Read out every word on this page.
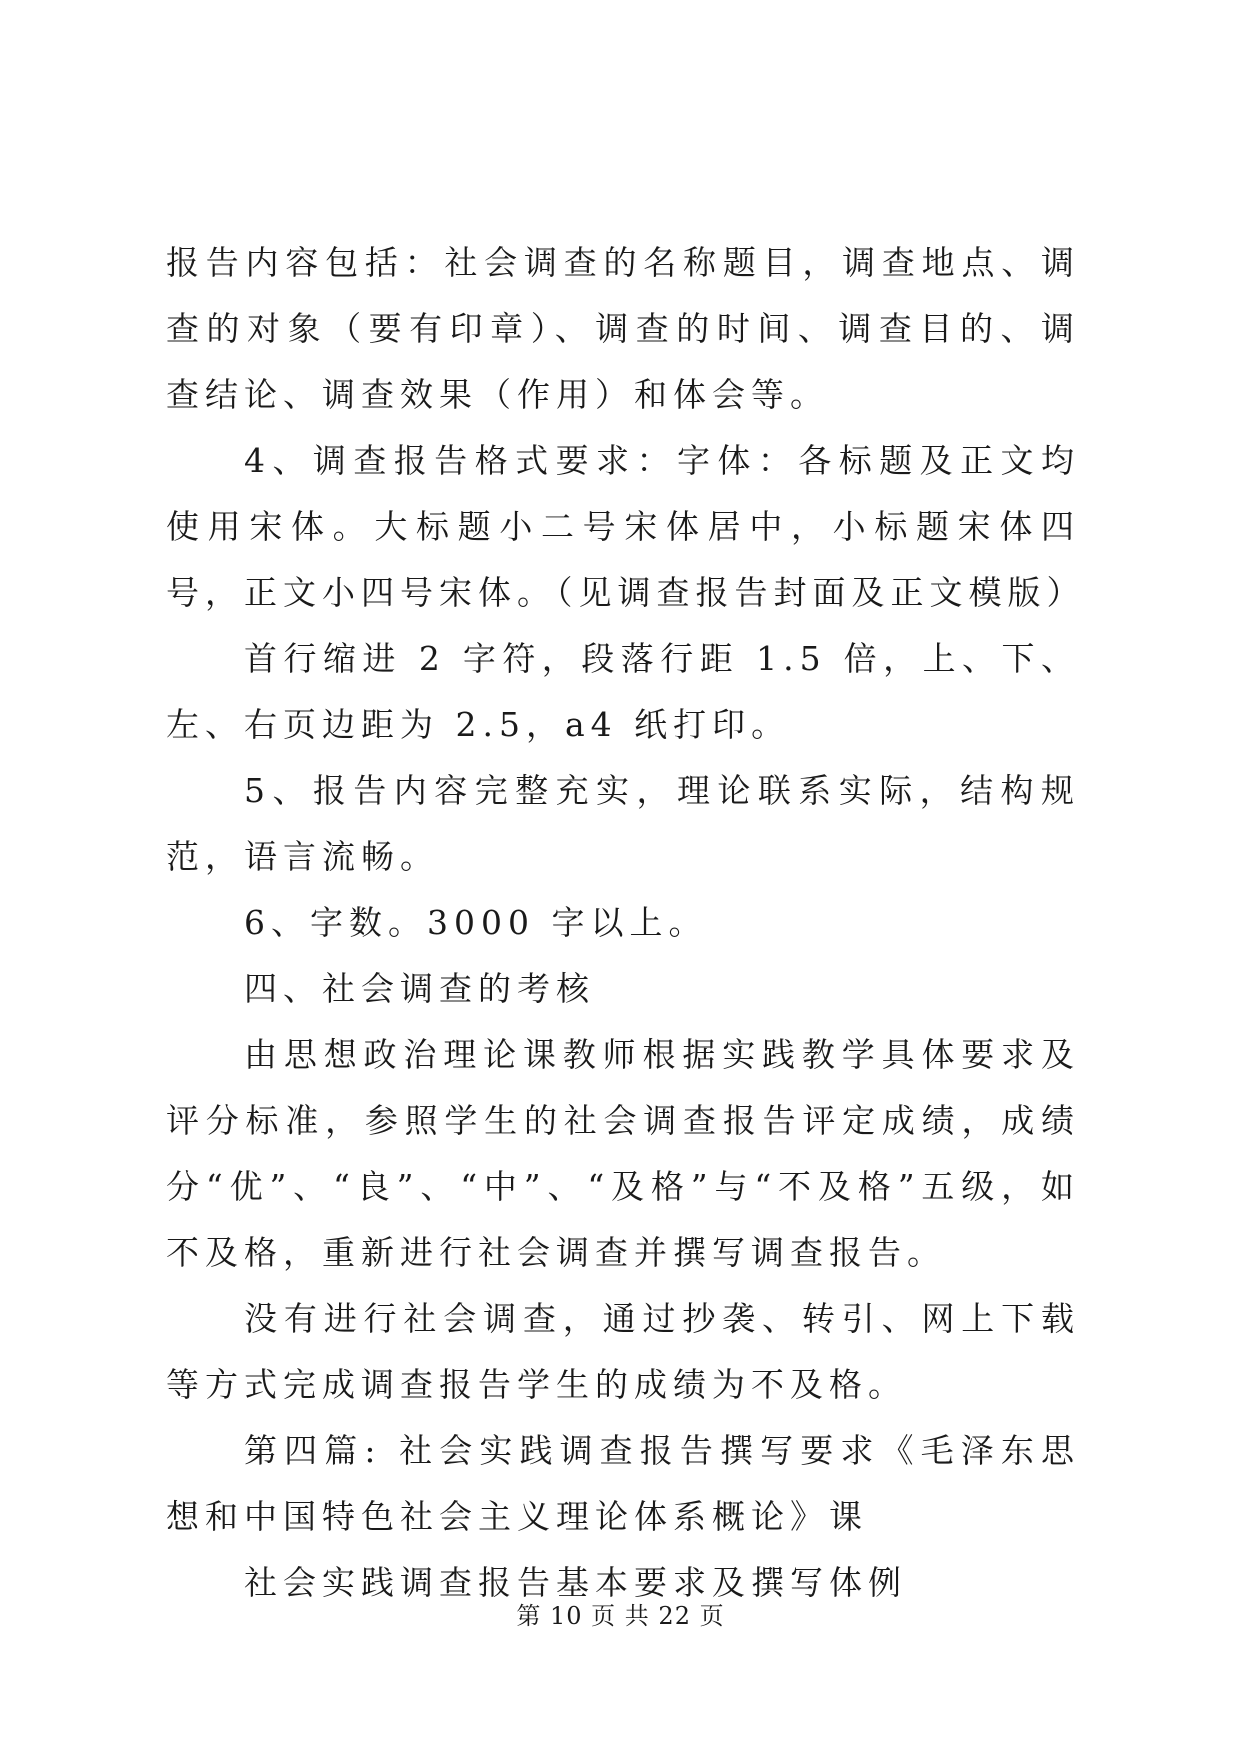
报告内容包括：社会调查的名称题目，调查地点、调查的对象（要有印章）、调查的时间、调查目的、调查结论、调查效果（作用）和体会等。

4、调查报告格式要求：字体：各标题及正文均使用宋体。大标题小二号宋体居中，小标题宋体四号，正文小四号宋体。（见调查报告封面及正文模版）

首行缩进 2 字符，段落行距 1.5 倍，上、下、左、右页边距为 2.5，a4 纸打印。

5、报告内容完整充实，理论联系实际，结构规范，语言流畅。

6、字数。3000 字以上。

四、社会调查的考核

由思想政治理论课教师根据实践教学具体要求及评分标准，参照学生的社会调查报告评定成绩，成绩分“优”、“良”、“中”、“及格”与“不及格”五级，如不及格，重新进行社会调查并撰写调查报告。

没有进行社会调查，通过抄袭、转引、网上下载等方式完成调查报告学生的成绩为不及格。

第四篇: 社会实践调查报告撰写要求《毛泽东思想和中国特色社会主义理论体系概论》课

社会实践调查报告基本要求及撰写体例

第 10 页 共 22 页
